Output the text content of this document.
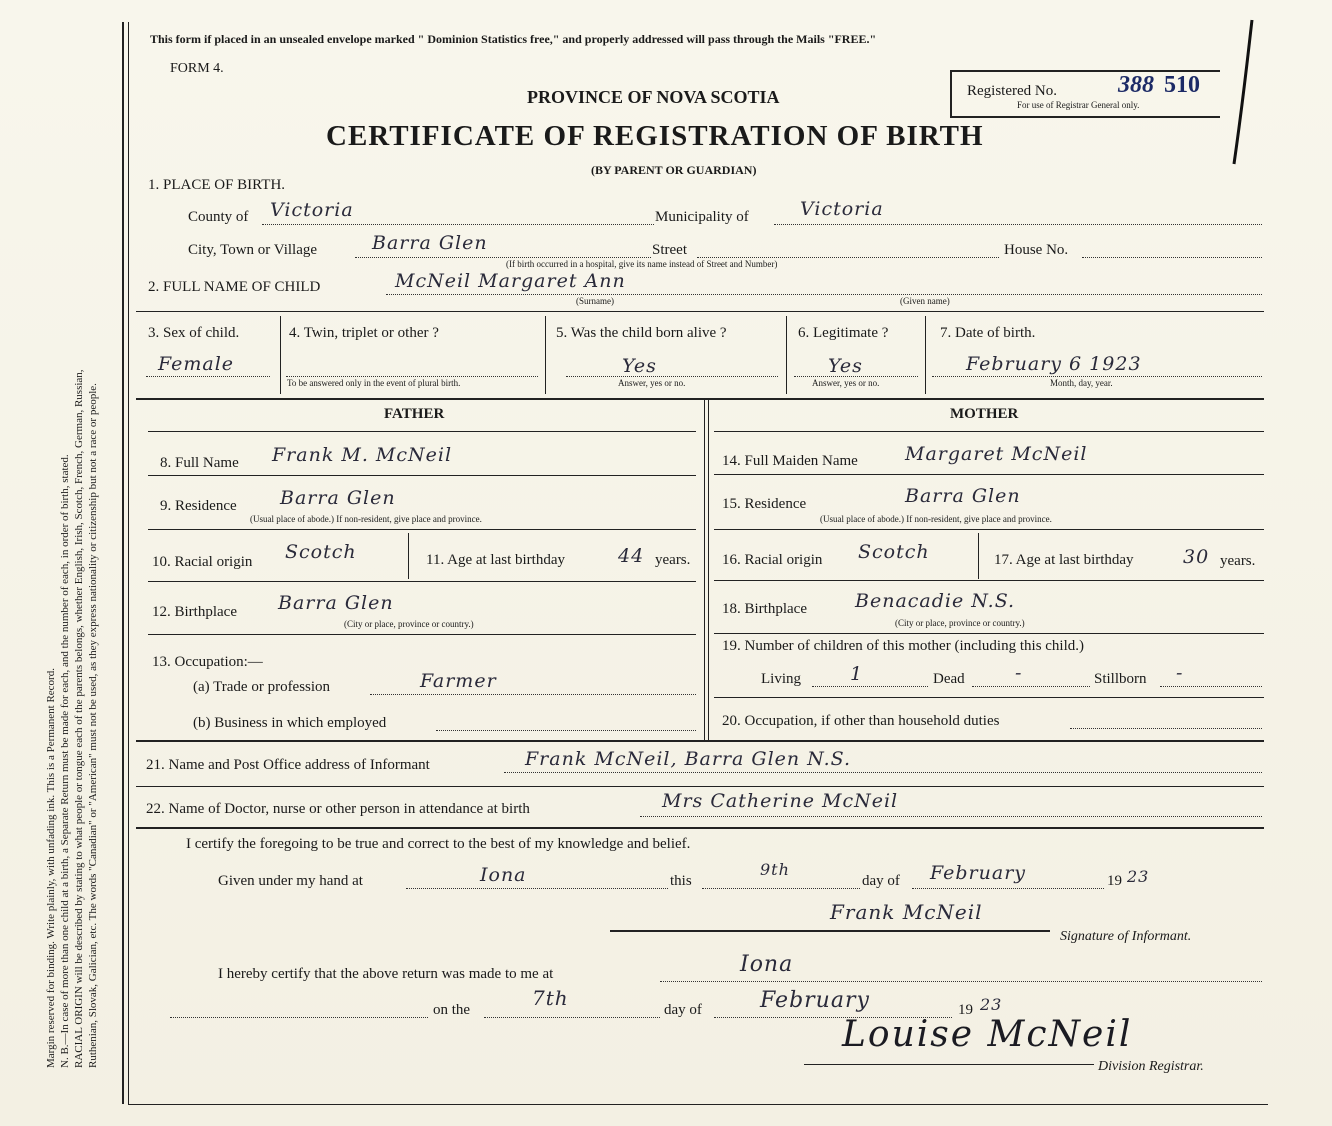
Margin reserved for binding. Write plainly, with unfading ink. This is a Permanent Record. N. B.—In case of more than one child at a birth, a Separate Return must be made for each, and the number of each, in order of birth, stated. RACIAL ORIGIN will be described by stating to what people or tongue each of the parents belongs, whether English, Irish, Scotch, French, German, Russian, Ruthenian, Slovak, Galician, etc. The words "Canadian" or "American" must not be used, as they express nationality or citizenship but not a race or people.
This form if placed in an unsealed envelope marked " Dominion Statistics free," and properly addressed will pass through the Mails "FREE."
FORM 4.
PROVINCE OF NOVA SCOTIA
CERTIFICATE OF REGISTRATION OF BIRTH
(BY PARENT OR GUARDIAN)
Registered No.	388 510
For use of Registrar General only.
1. PLACE OF BIRTH.
County of Victoria	Municipality of	Victoria
City, Town or Village	Barra Glen	Street	House No.
(If birth occurred in a hospital, give its name instead of Street and Number)
2. FULL NAME OF CHILD	McNeil Margaret Ann
(Surname)	(Given name)
3. Sex of child.
Female
4. Twin, triplet or other ?
To be answered only in the event of plural birth.
5. Was the child born alive ?
Yes
Answer, yes or no.
6. Legitimate ?
Yes
Answer, yes or no.
7. Date of birth.
February 6 1923
Month, day, year.
FATHER	MOTHER
8. Full Name Frank M. McNeil
9. Residence Barra Glen
(Usual place of abode.) If non-resident, give place and province.
10. Racial origin Scotch	11. Age at last birthday	44 years.
12. Birthplace Barra Glen
(City or place, province or country.)
13. Occupation:—
(a) Trade or profession	Farmer
(b) Business in which employed
14. Full Maiden Name Margaret McNeil
15. Residence	Barra Glen
(Usual place of abode.) If non-resident, give place and province.
16. Racial origin Scotch	17. Age at last birthday	30 years.
18. Birthplace	Benacadie N.S.
(City or place, province or country.)
19. Number of children of this mother (including this child.)
Living	1	Dead	-	Stillborn -
20. Occupation, if other than household duties
21. Name and Post Office address of Informant	Frank McNeil, Barra Glen N.S.
22. Name of Doctor, nurse or other person in attendance at birth	Mrs Catherine McNeil
I certify the foregoing to be true and correct to the best of my knowledge and belief.
Given under my hand at	Iona	this
9th
day of February	19 23
Frank McNeil
Signature of Informant.
I hereby certify that the above return was made to me at	Iona
on the	7th	day of	February	19 23
Louise McNeil
Division Registrar.
